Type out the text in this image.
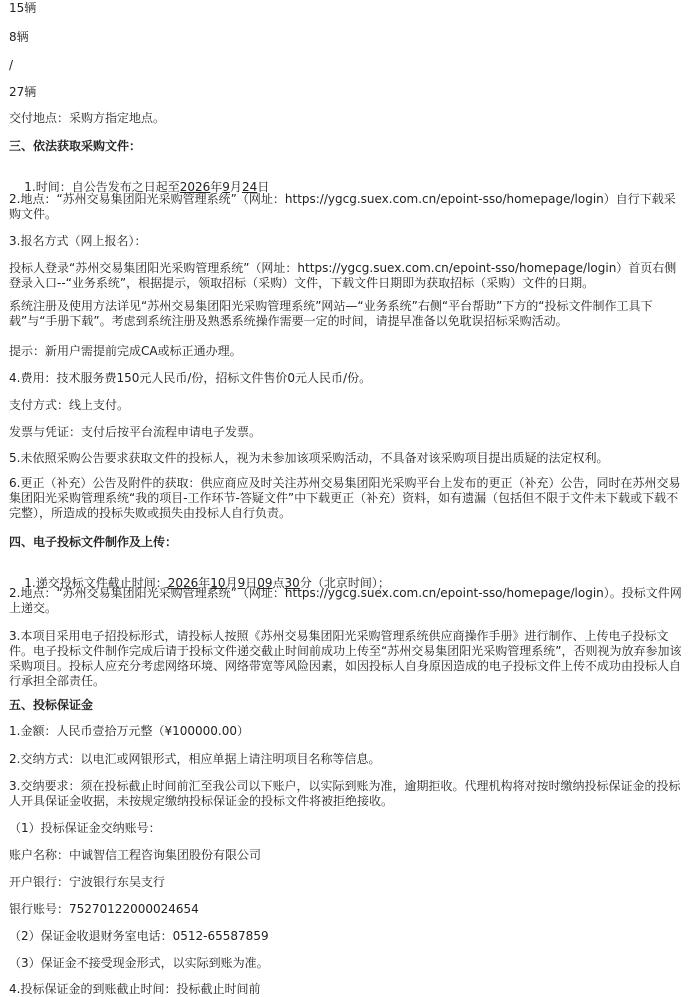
15辆
8辆
/
27辆
交付地点：采购方指定地点。
三、依法获取采购文件：

1.时间：自公告发布之日起至2026年9月24日

2.地点：“苏州交易集团阳光采购管理系统”（网址：https://ygcg.suex.com.cn/epoint-sso/homepage/login）自行下载采购文件。
3.报名方式（网上报名）：
投标人登录“苏州交易集团阳光采购管理系统”（网址：https://ygcg.suex.com.cn/epoint-sso/homepage/login）首页右侧登录入口--“业务系统”，根据提示，领取招标（采购）文件，下载文件日期即为获取招标（采购）文件的日期。
系统注册及使用方法详见“苏州交易集团阳光采购管理系统”网站—“业务系统”右侧“平台帮助”下方的“投标文件制作工具下载”与“手册下载”。考虑到系统注册及熟悉系统操作需要一定的时间，请提早准备以免耽误招标采购活动。
提示：新用户需提前完成CA或标正通办理。
4.费用：技术服务费150元人民币/份，招标文件售价0元人民币/份。
支付方式：线上支付。
发票与凭证：支付后按平台流程申请电子发票。
5.未依照采购公告要求获取文件的投标人，视为未参加该项采购活动，不具备对该采购项目提出质疑的法定权利。
6.更正（补充）公告及附件的获取：供应商应及时关注苏州交易集团阳光采购平台上发布的更正（补充）公告，同时在苏州交易集团阳光采购管理系统“我的项目-工作环节-答疑文件”中下载更正（补充）资料，如有遗漏（包括但不限于文件未下载或下载不完整），所造成的投标失败或损失由投标人自行负责。
四、电子投标文件制作及上传：

1.递交投标文件截止时间：2026年10月9日09点30分（北京时间）；

2.地点：“苏州交易集团阳光采购管理系统”（网址：https://ygcg.suex.com.cn/epoint-sso/homepage/login）。投标文件网上递交。
3.本项目采用电子招投标形式，请投标人按照《苏州交易集团阳光采购管理系统供应商操作手册》进行制作、上传电子投标文件。电子投标文件制作完成后请于投标文件递交截止时间前成功上传至“苏州交易集团阳光采购管理系统”，否则视为放弃参加该采购项目。投标人应充分考虑网络环境、网络带宽等风险因素，如因投标人自身原因造成的电子投标文件上传不成功由投标人自行承担全部责任。
五、投标保证金
1.金额：人民币壹拾万元整（¥100000.00）
2.交纳方式：以电汇或网银形式，相应单据上请注明项目名称等信息。
3.交纳要求：须在投标截止时间前汇至我公司以下账户，以实际到账为准，逾期拒收。代理机构将对按时缴纳投标保证金的投标人开具保证金收据，未按规定缴纳投标保证金的投标文件将被拒绝接收。
（1）投标保证金交纳账号：
账户名称：中诚智信工程咨询集团股份有限公司
开户银行：宁波银行东吴支行
银行账号：75270122000024654
（2）保证金收退财务室电话：0512-65587859
（3）保证金不接受现金形式，以实际到账为准。
4.投标保证金的到账截止时间：投标截止时间前
